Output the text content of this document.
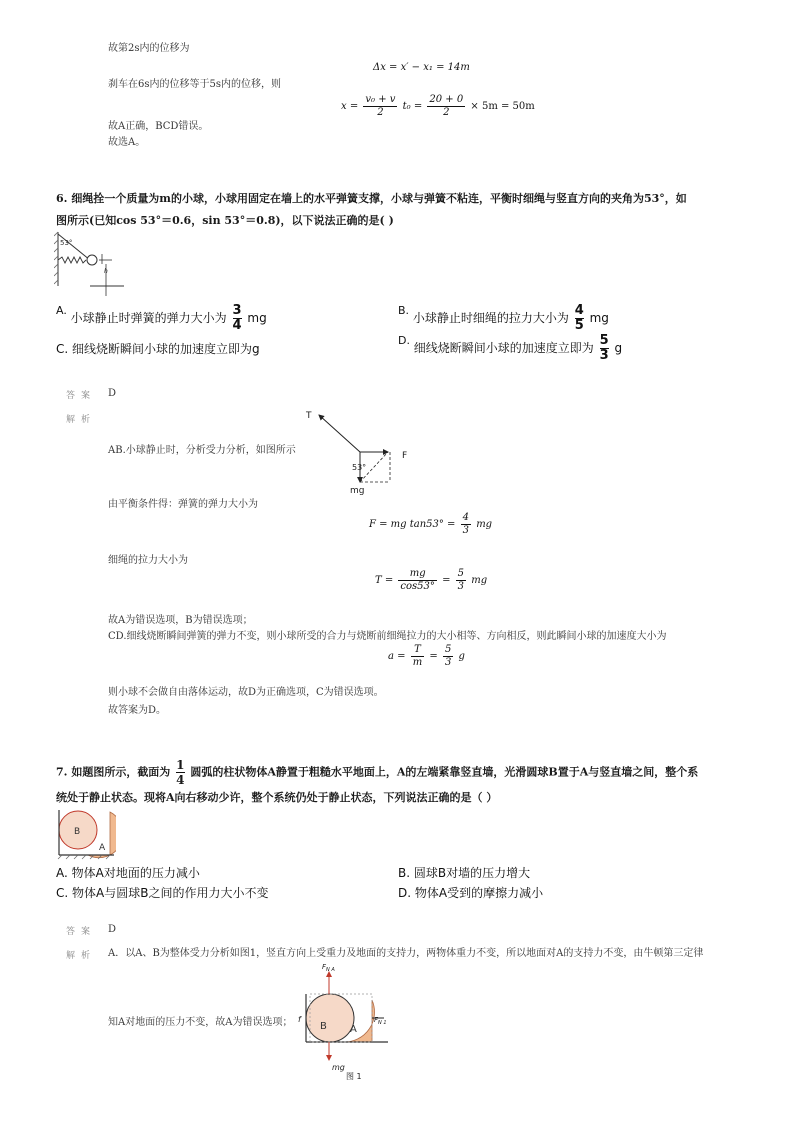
故第2s内的位移为
Δx = x′ − x₁ = 14m
刹车在6s内的位移等于5s内的位移，则
$x = \frac{\text{v₀ + v}}{2} t_0 = \frac{20 + 0}{2} \times 5m = 50m$
故A正确，BCD错误。
故选A。
6. 细绳拴一个质量为m的小球，小球用固定在墙上的水平弹簧支撑，小球与弹簧不粘连，平衡时细绳与竖直方向的夹角为53°，如
图所示(已知cos 53°＝0.6，sin 53°＝0.8)，以下说法正确的是( )
53°
h
A. 小球静止时弹簧的弹力大小为 $\frac{3}{4}$ mg
B. 小球静止时细绳的拉力大小为 $\frac{4}{5}$ mg
C. 细线烧断瞬间小球的加速度立即为g
D. 细线烧断瞬间小球的加速度立即为 $\frac{5}{3}$ g
答案 D
解析
AB.小球静止时，分析受力分析，如图所示
T
F
mg
53°
由平衡条件得：弹簧的弹力大小为
F = mg $\tan 53^\circ = \frac{4}{3}$ mg
细绳的拉力大小为
$T = \frac{mg}{\cos 53^\circ} = \frac{5}{3}$ mg
故A为错误选项，B为错误选项；
CD.细线烧断瞬间弹簧的弹力不变，则小球所受的合力与烧断前细绳拉力的大小相等、方向相反，则此瞬间小球的加速度大小为
$a = \frac{T}{m} = \frac{5}{3}$ g
则小球不会做自由落体运动，故D为正确选项，C为错误选项。
故答案为D。
7. 如题图所示，截面为 $\frac{1}{4}$ 圆弧的柱状物体A静置于粗糙水平地面上，A的左端紧靠竖直墙，光滑圆球B置于A与竖直墙之间，整个系
统处于静止状态。现将A向右移动少许，整个系统仍处于静止状态，下列说法正确的是（ ）
B
A
A. 物体A对地面的压力减小	B. 圆球B对墙的压力增大
C. 物体A与圆球B之间的作用力大小不变	D. 物体A受到的摩擦力减小
答案 D
解析 A．以A、B为整体受力分析如图1，竖直方向上受重力及地面的支持力，两物体重力不变，所以地面对A的支持力不变，由牛顿第三定律
知A对地面的压力不变，故A为错误选项；
$F_{N A}$
f	$F_{N 1}$
mg
B A
图 1
